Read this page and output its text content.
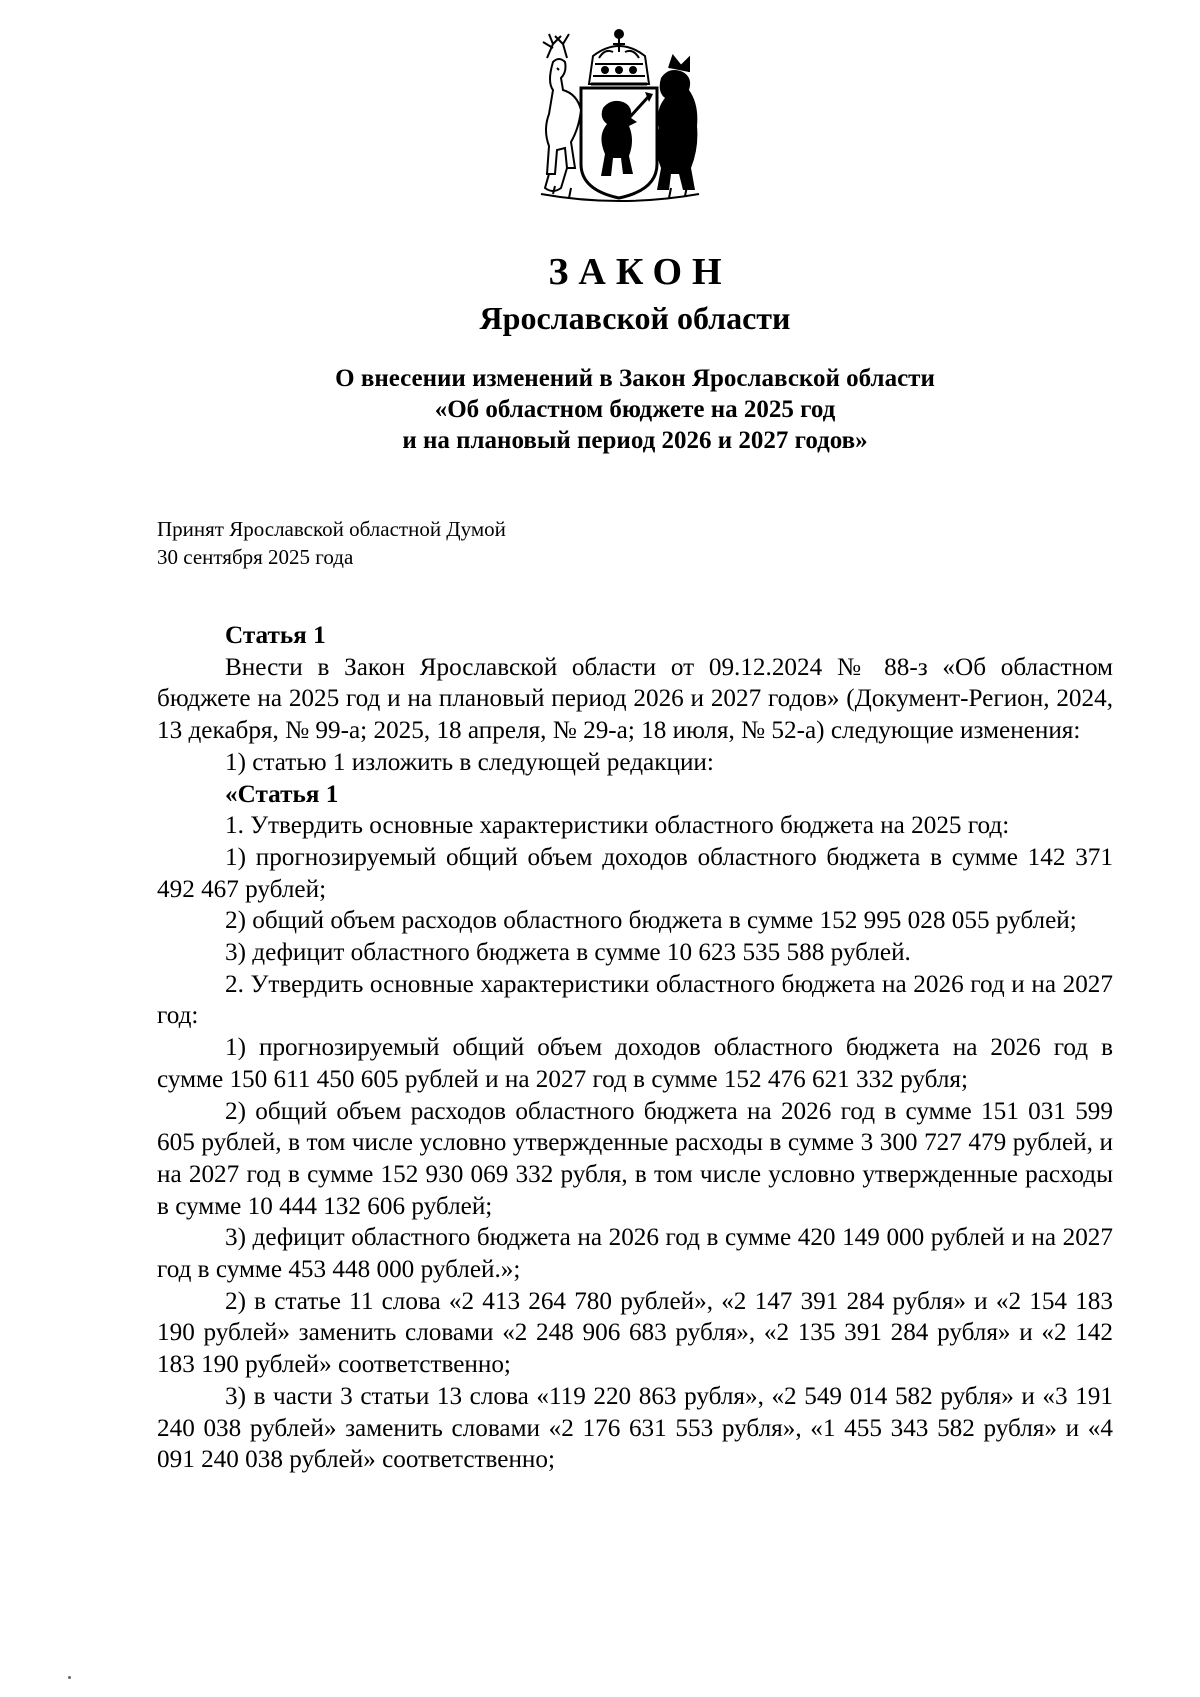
ЗАКОН
Ярославской области
О внесении изменений в Закон Ярославской области
«Об областном бюджете на 2025 год
и на плановый период 2026 и 2027 годов»
Принят Ярославской областной Думой
30 сентября 2025 года

Статья 1

Внести в Закон Ярославской области от 09.12.2024 № 88-з «Об областном бюджете на 2025 год и на плановый период 2026 и 2027 годов» (Документ-Регион, 2024, 13 декабря, № 99-а; 2025, 18 апреля, № 29-а; 18 июля, № 52-а) следующие изменения:

1) статью 1 изложить в следующей редакции:

«Статья 1

1. Утвердить основные характеристики областного бюджета на 2025 год:

1) прогнозируемый общий объем доходов областного бюджета в сумме 142 371 492 467 рублей;

2) общий объем расходов областного бюджета в сумме 152 995 028 055 рублей;

3) дефицит областного бюджета в сумме 10 623 535 588 рублей.

2. Утвердить основные характеристики областного бюджета на 2026 год и на 2027 год:

1) прогнозируемый общий объем доходов областного бюджета на 2026 год в сумме 150 611 450 605 рублей и на 2027 год в сумме 152 476 621 332 рубля;

2) общий объем расходов областного бюджета на 2026 год в сумме 151 031 599 605 рублей, в том числе условно утвержденные расходы в сумме 3 300 727 479 рублей, и на 2027 год в сумме 152 930 069 332 рубля, в том числе условно утвержденные расходы в сумме 10 444 132 606 рублей;

3) дефицит областного бюджета на 2026 год в сумме 420 149 000 рублей и на 2027 год в сумме 453 448 000 рублей.»;

2) в статье 11 слова «2 413 264 780 рублей», «2 147 391 284 рубля» и «2 154 183 190 рублей» заменить словами «2 248 906 683 рубля», «2 135 391 284 рубля» и «2 142 183 190 рублей» соответственно;

3) в части 3 статьи 13 слова «119 220 863 рубля», «2 549 014 582 рубля» и «3 191 240 038 рублей» заменить словами «2 176 631 553 рубля», «1 455 343 582 рубля» и «4 091 240 038 рублей» соответственно;
